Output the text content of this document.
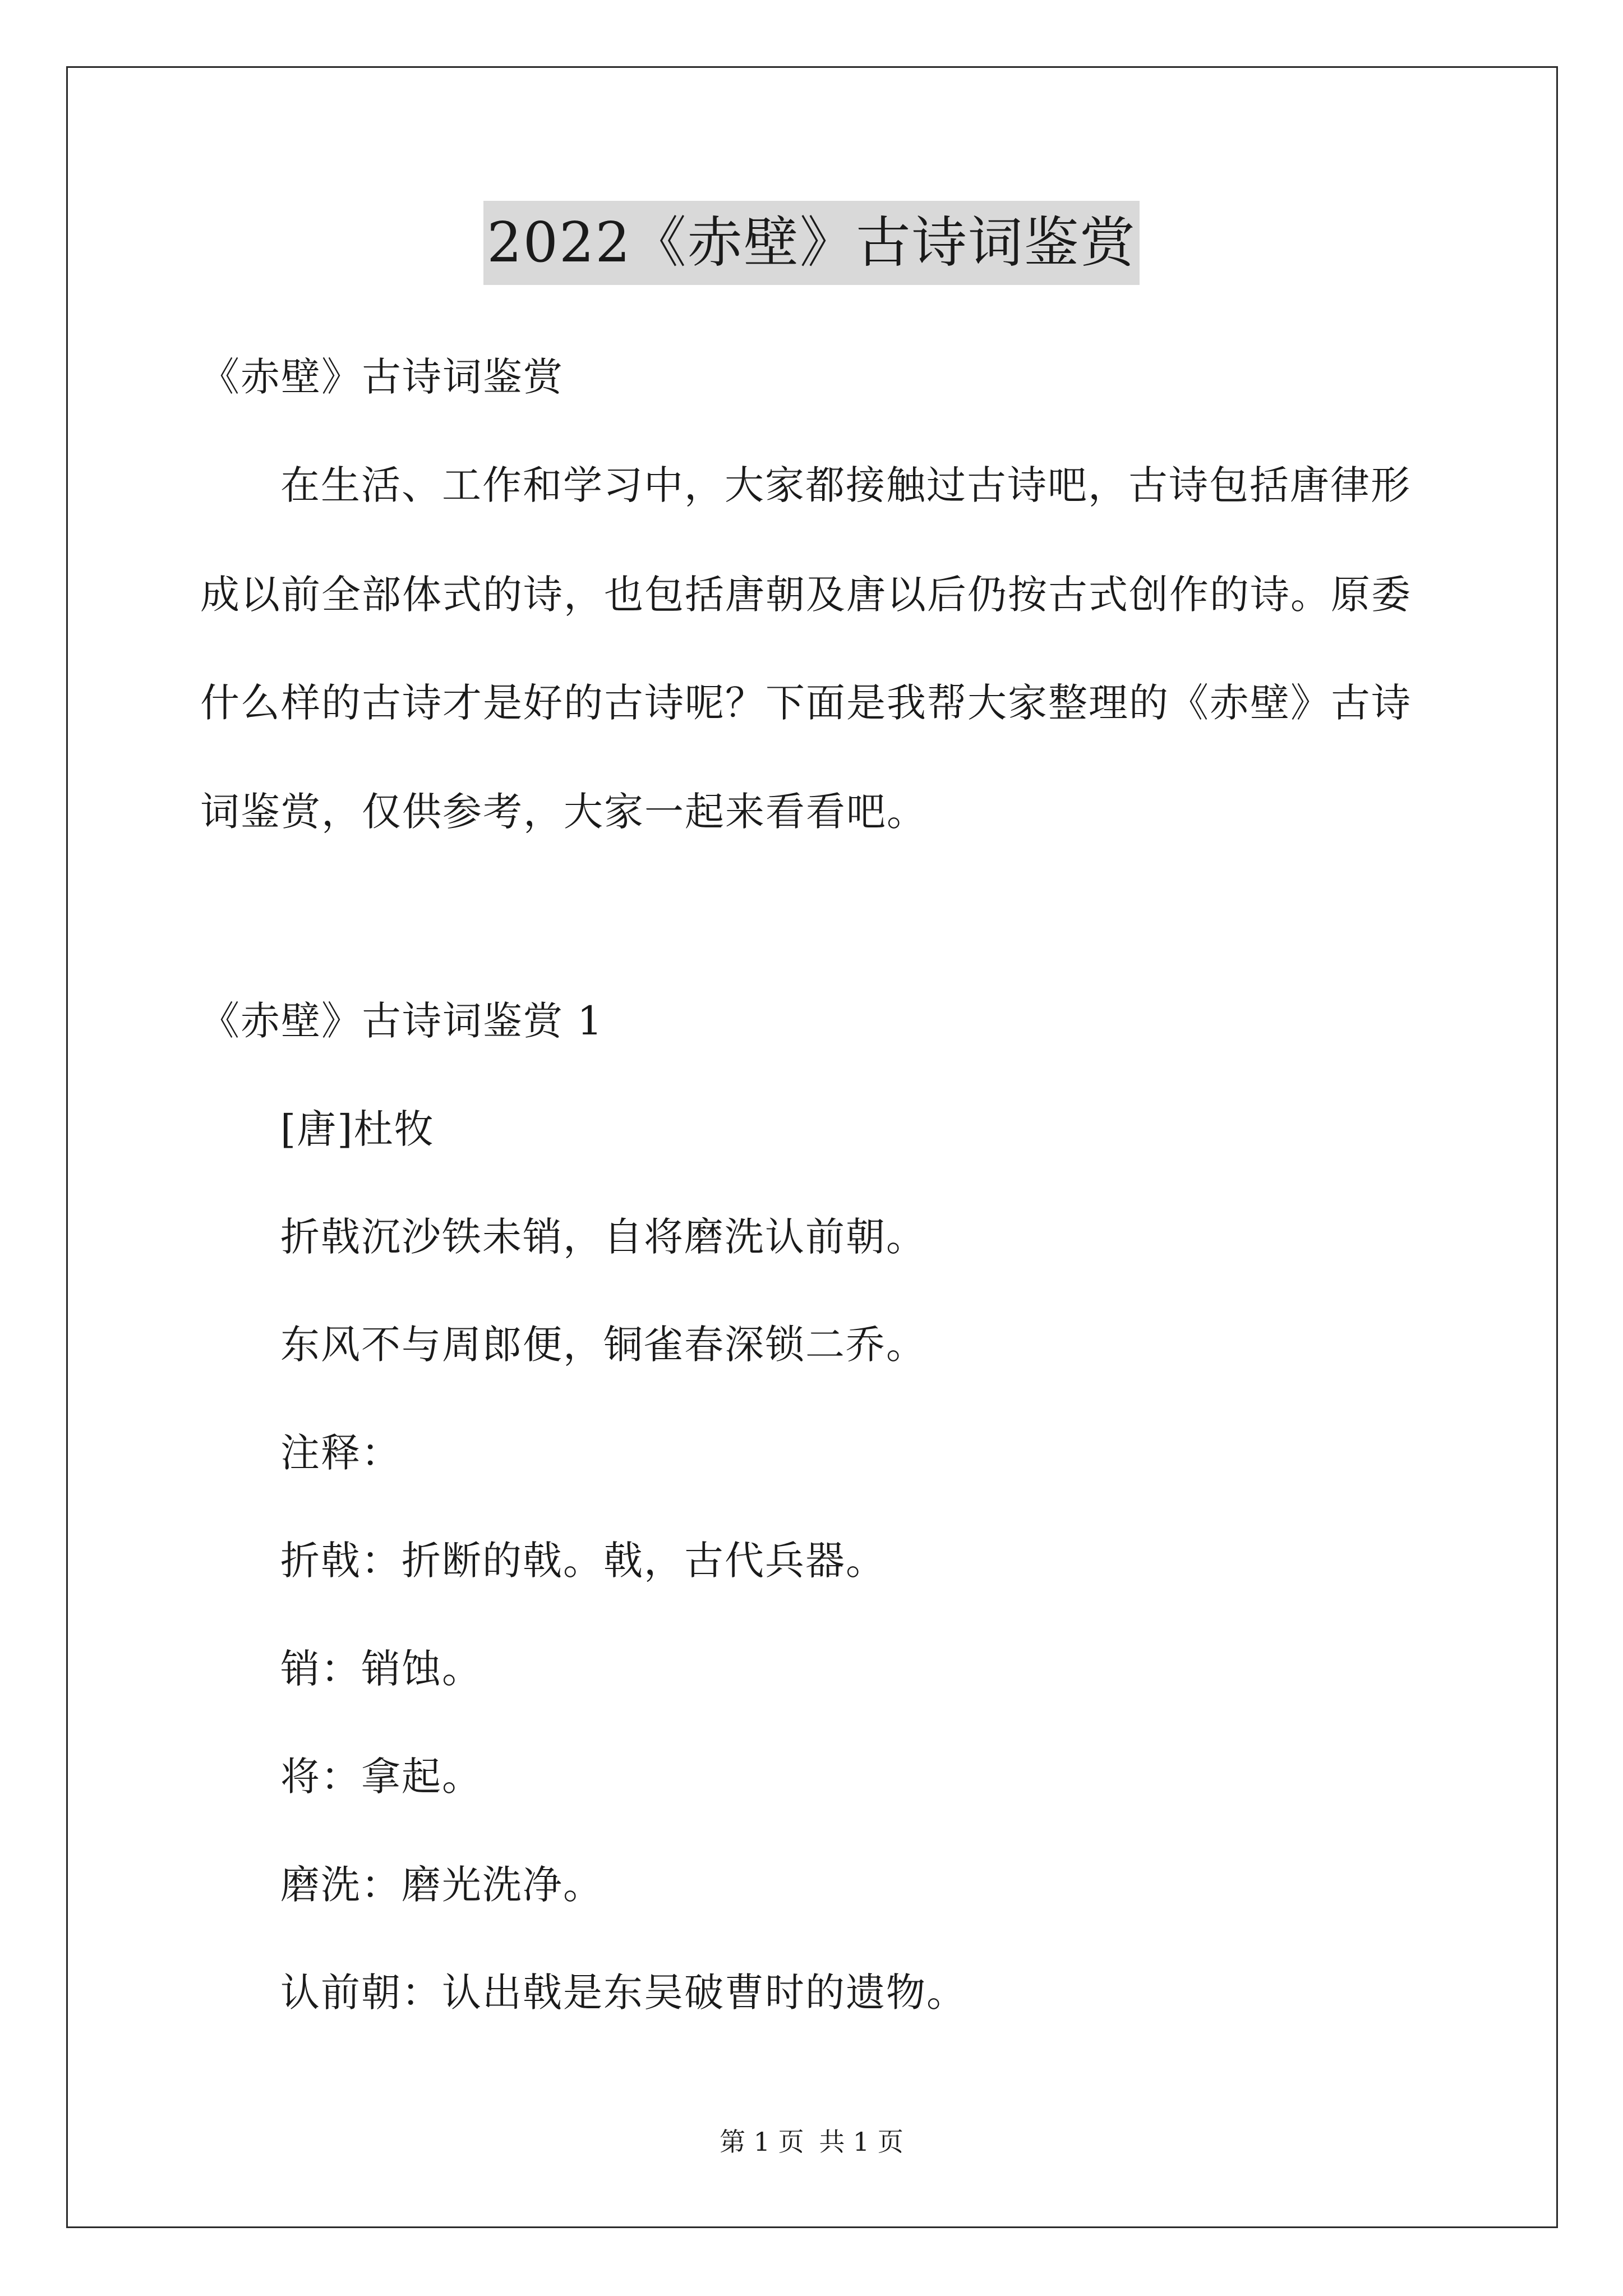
2022《赤壁》古诗词鉴赏
《赤壁》古诗词鉴赏
在生活、工作和学习中，大家都接触过古诗吧，古诗包括唐律形
成以前全部体式的诗，也包括唐朝及唐以后仍按古式创作的诗。原委
什么样的古诗才是好的古诗呢？下面是我帮大家整理的《赤壁》古诗
词鉴赏，仅供参考，大家一起来看看吧。
《赤壁》古诗词鉴赏 1
[唐]杜牧
折戟沉沙铁未销，自将磨洗认前朝。
东风不与周郎便，铜雀春深锁二乔。
注释：
折戟：折断的戟。戟，古代兵器。
销：销蚀。
将：拿起。
磨洗：磨光洗净。
认前朝：认出戟是东吴破曹时的遗物。
第 1 页 共 1 页
